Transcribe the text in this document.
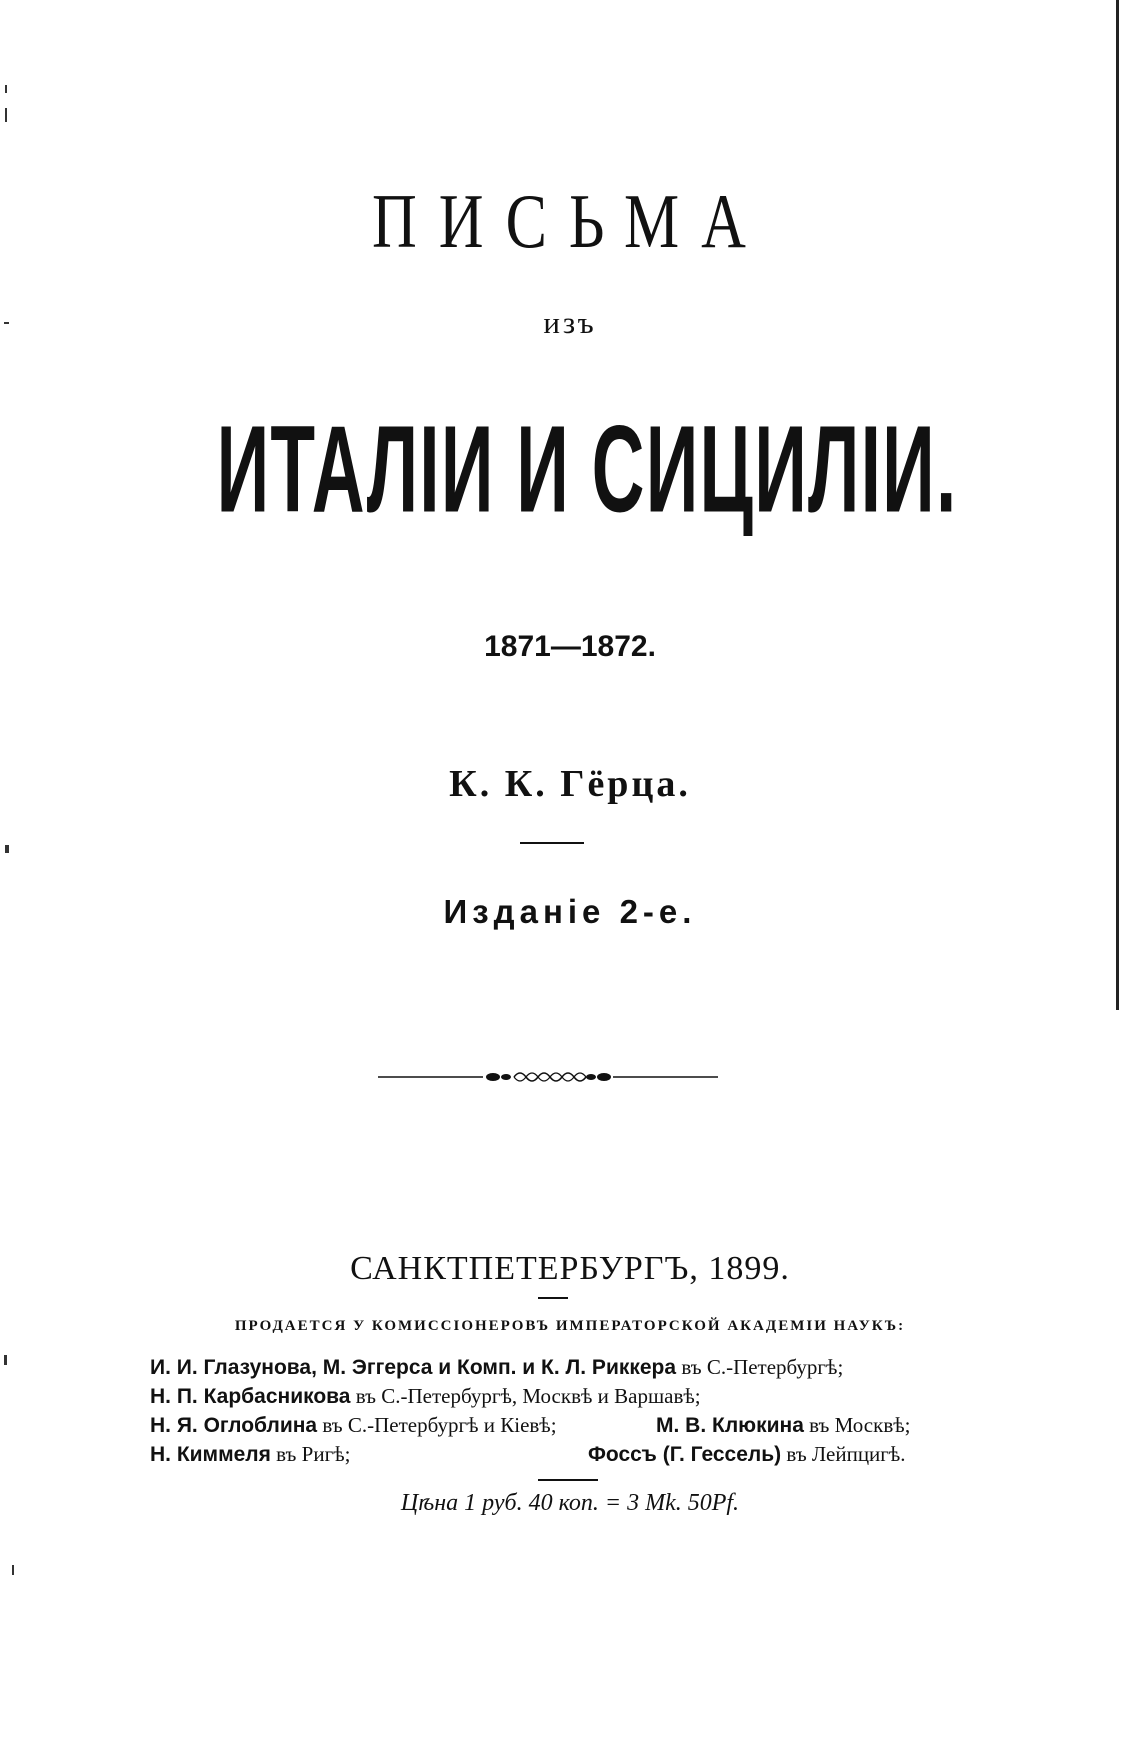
ПИСЬМА
изъ
ИТАЛІИ И СИЦИЛІИ.
1871—1872.
К. К. Гёрца.
Изданіе 2-е.
САНКТПЕТЕРБУРГЪ, 1899.
ПРОДАЕТСЯ У КОМИССІОНЕРОВЪ ИМПЕРАТОРСКОЙ АКАДЕМІИ НАУКЪ:
И. И. Глазунова, М. Эггерса и Комп. и К. Л. Риккера въ С.-Петербургѣ;
Н. П. Карбасникова въ С.-Петербургѣ, Москвѣ и Варшавѣ;
Н. Я. Оглоблина въ С.-Петербургѣ и Кіевѣ;	М. В. Клюкина въ Москвѣ;
Н. Киммеля въ Ригѣ;	Фоссъ (Г. Гессель) въ Лейпцигѣ.
Цѣна 1 руб. 40 коп. = 3 Mk. 50Pf.
